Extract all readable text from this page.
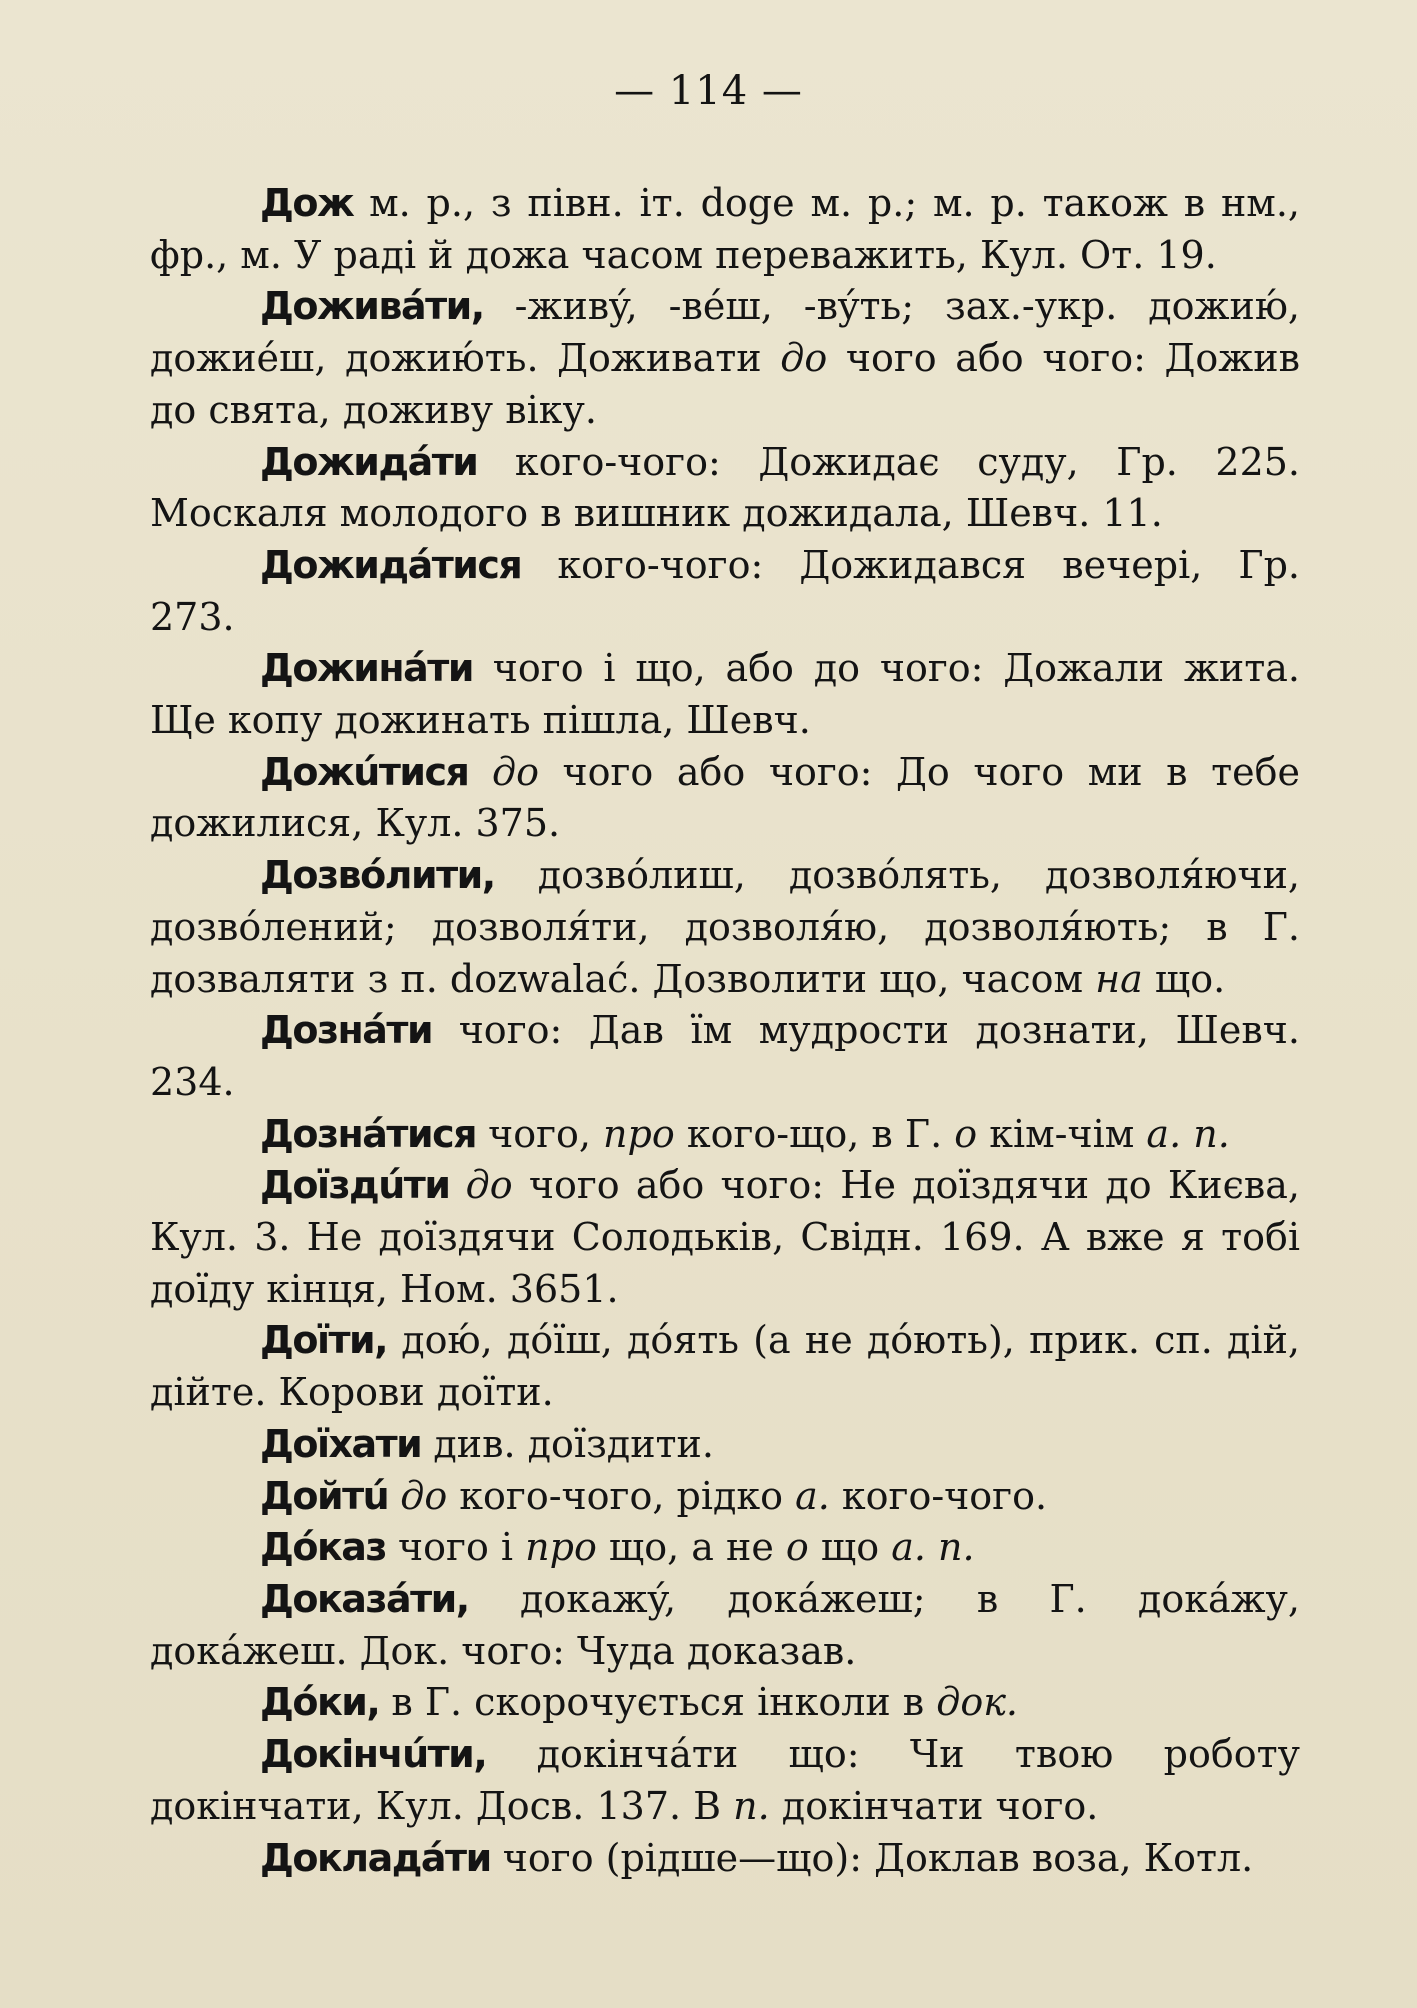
— 114 —

Дож м. р., з півн. іт. doge м. р.; м. р. також в нм., фр., м. У раді й дожа часом переважить, Кул. От. 19.

Доживáти, -живý, -вéш, -вýть; зах.-укр. дожию́, дожиéш, дожию́ть. Доживати до чого або чого: Дожив до свята, доживу віку.

Дожидáти кого-чого: Дожидає суду, Гр. 225. Москаля молодого в вишник дожидала, Шевч. 11.

Дожидáтися кого-чого: Дожидався вечері, Гр. 273.

Дожинáти чого і що, або до чого: Дожали жита. Ще копу дожинать пішла, Шевч.

Дожúтися до чого або чого: До чого ми в тебе дожилися, Кул. 375.

Дозвóлити, дозвóлиш, дозвóлять, дозволя́ючи, дозвóлений; дозволя́ти, дозволя́ю, дозволя́ють; в Г. дозвaляти з п. dozwalać. Дозволити що, часом на що.

Дознáти чого: Дав їм мудрости дознати, Шевч. 234.

Дознáтися чого, про кого-що, в Г. о кім-чім а. п.

Доїздúти до чого або чого: Не доїздячи до Києва, Кул. 3. Не доїздячи Солодьків, Свідн. 169. А вже я тобі доїду кінця, Ном. 3651.

Доїти, дою́, дóїш, дóять (а не дóють), прик. сп. дій, дійте. Корови доїти.

Доїхати див. доїздити.

Дойтú до кого-чого, рідко а. кого-чого.

Дóказ чого і про що, а не о що а. п.

Доказáти, докажý, докáжеш; в Г. докáжу, докáжеш. Док. чого: Чуда доказав.

Дóки, в Г. скорочується інколи в док.

Докінчúти, докінчáти що: Чи твою роботу докінчати, Кул. Досв. 137. В п. докінчати чого.

Докладáти чого (рідше—що): Доклав воза, Котл.
